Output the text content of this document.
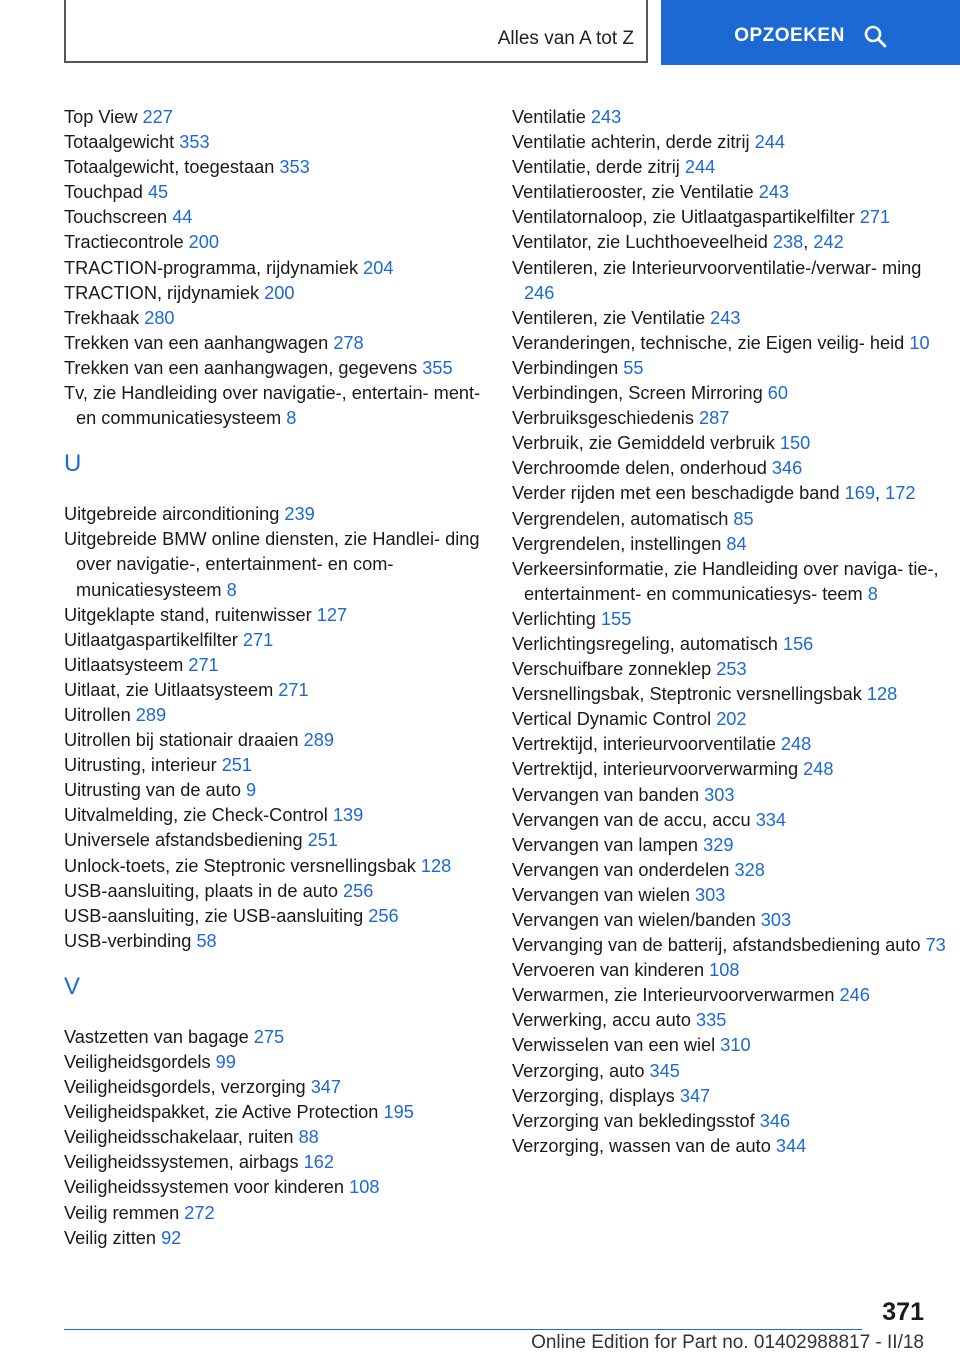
Alles van A tot Z	OPZOEKEN
Top View 227
Totaalgewicht 353
Totaalgewicht, toegestaan 353
Touchpad 45
Touchscreen 44
Tractiecontrole 200
TRACTION-programma, rijdynamiek 204
TRACTION, rijdynamiek 200
Trekhaak 280
Trekken van een aanhangwagen 278
Trekken van een aanhangwagen, gegevens 355
Tv, zie Handleiding over navigatie-, entertain‐ ment- en communicatiesysteem 8
U
Uitgebreide airconditioning 239
Uitgebreide BMW online diensten, zie Handlei‐ ding over navigatie-, entertainment- en com‐ municatiesysteem 8
Uitgeklapte stand, ruitenwisser 127
Uitlaatgaspartikelfilter 271
Uitlaatsysteem 271
Uitlaat, zie Uitlaatsysteem 271
Uitrollen 289
Uitrollen bij stationair draaien 289
Uitrusting, interieur 251
Uitrusting van de auto 9
Uitvalmelding, zie Check-Control 139
Universele afstandsbediening 251
Unlock-toets, zie Steptronic versnellingsbak 128
USB-aansluiting, plaats in de auto 256
USB-aansluiting, zie USB-aansluiting 256
USB-verbinding 58
V
Vastzetten van bagage 275
Veiligheidsgordels 99
Veiligheidsgordels, verzorging 347
Veiligheidspakket, zie Active Protection 195
Veiligheidsschakelaar, ruiten 88
Veiligheidssystemen, airbags 162
Veiligheidssystemen voor kinderen 108
Veilig remmen 272
Veilig zitten 92
Ventilatie 243
Ventilatie achterin, derde zitrij 244
Ventilatie, derde zitrij 244
Ventilatierooster, zie Ventilatie 243
Ventilatornaloop, zie Uitlaatgaspartikelfilter 271
Ventilator, zie Luchthoeveelheid 238, 242
Ventileren, zie Interieurvoorventilatie-/verwar‐ ming 246
Ventileren, zie Ventilatie 243
Veranderingen, technische, zie Eigen veilig‐ heid 10
Verbindingen 55
Verbindingen, Screen Mirroring 60
Verbruiksgeschiedenis 287
Verbruik, zie Gemiddeld verbruik 150
Verchroomde delen, onderhoud 346
Verder rijden met een beschadigde band 169, 172
Vergrendelen, automatisch 85
Vergrendelen, instellingen 84
Verkeersinformatie, zie Handleiding over naviga‐ tie-, entertainment- en communicatiesys‐ teem 8
Verlichting 155
Verlichtingsregeling, automatisch 156
Verschuifbare zonneklep 253
Versnellingsbak, Steptronic versnellingsbak 128
Vertical Dynamic Control 202
Vertrektijd, interieurvoorventilatie 248
Vertrektijd, interieurvoorverwarming 248
Vervangen van banden 303
Vervangen van de accu, accu 334
Vervangen van lampen 329
Vervangen van onderdelen 328
Vervangen van wielen 303
Vervangen van wielen/banden 303
Vervanging van de batterij, afstandsbediening auto 73
Vervoeren van kinderen 108
Verwarmen, zie Interieurvoorverwarmen 246
Verwerking, accu auto 335
Verwisselen van een wiel 310
Verzorging, auto 345
Verzorging, displays 347
Verzorging van bekledingsstof 346
Verzorging, wassen van de auto 344
371
Online Edition for Part no. 01402988817 - II/18
